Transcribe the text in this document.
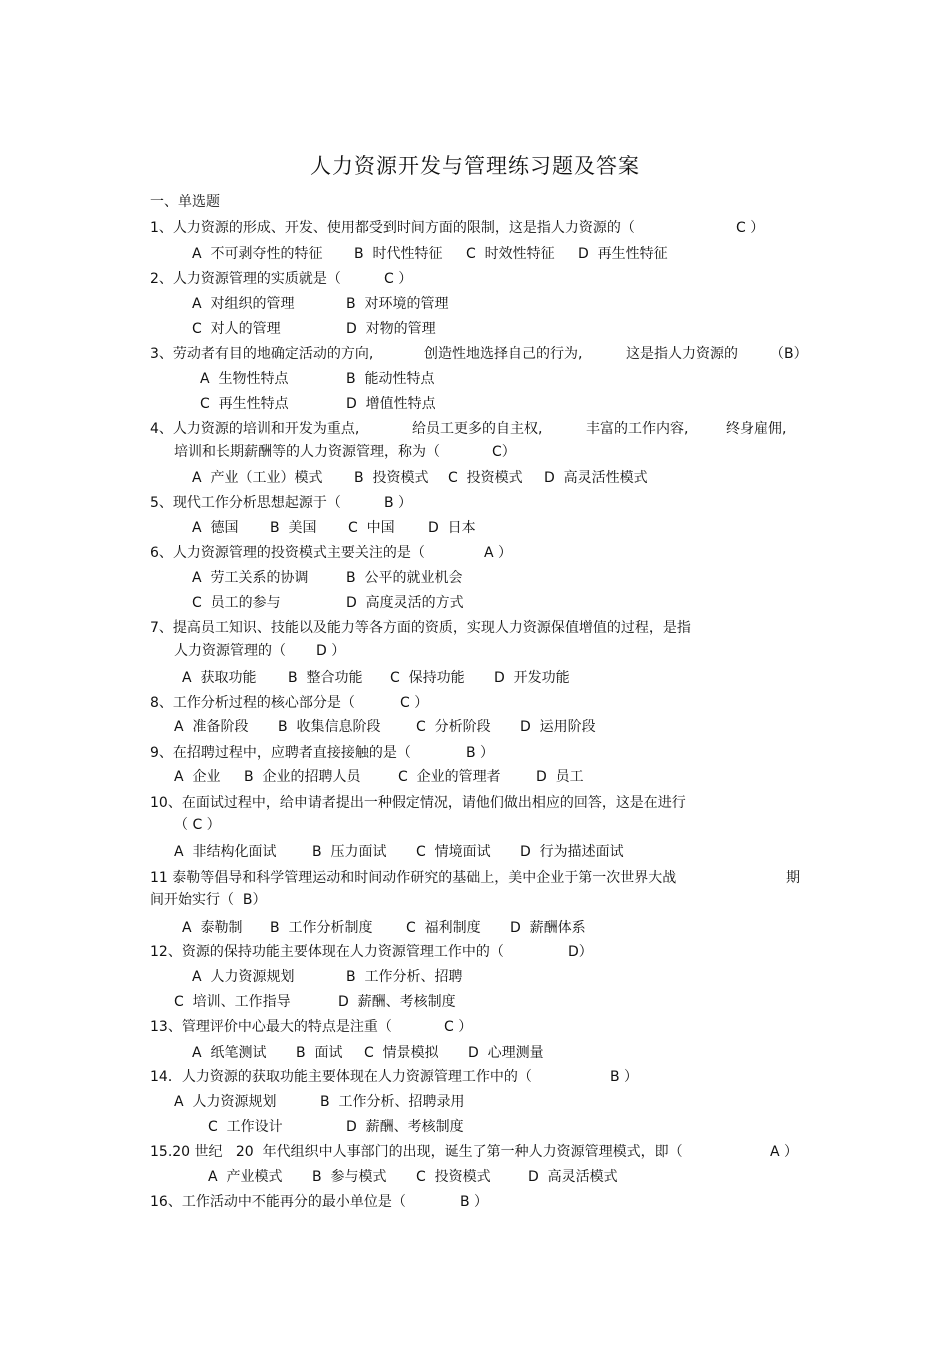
人力资源开发与管理练习题及答案
一、单选题
1、人力资源的形成、开发、使用都受到时间方面的限制，这是指人力资源的（	C ）
A  不可剥夺性的特征 B  时代性特征 C  时效性特征 D  再生性特征
2、人力资源管理的实质就是（	C ）
A  对组织的管理	B  对环境的管理
C  对人的管理	D  对物的管理
3、劳动者有目的地确定活动的方向,	创造性地选择自己的行为,	这是指人力资源的 （B）
A  生物性特点	B  能动性特点
C  再生性特点	D  增值性特点
4、人力资源的培训和开发为重点,	给员工更多的自主权,	丰富的工作内容,	终身雇佣,
培训和长期薪酬等的人力资源管理，称为（	C）
A  产业（工业）模式 B  投资模式 C  投资模式 D  高灵活性模式
5、现代工作分析思想起源于（	B ）
A  德国 B  美国 C  中国 D  日本
6、人力资源管理的投资模式主要关注的是（	A ）
A  劳工关系的协调	B  公平的就业机会
C  员工的参与	D  高度灵活的方式
7、提高员工知识、技能以及能力等各方面的资质，实现人力资源保值增值的过程，是指
人力资源管理的（ D ）
A  获取功能 B  整合功能 C  保持功能 D  开发功能
8、工作分析过程的核心部分是（	C ）
A  准备阶段 B  收集信息阶段	C  分析阶段 D  运用阶段
9、在招聘过程中，应聘者直接接触的是（	B ）
A  企业 B  企业的招聘人员	C  企业的管理者	D  员工
10、在面试过程中，给申请者提出一种假定情况，请他们做出相应的回答，这是在进行
（ C ）
A  非结构化面试	B  压力面试 C  情境面试 D  行为描述面试
11 泰勒等倡导和科学管理运动和时间动作研究的基础上，美中企业于第一次世界大战	期
间开始实行（  B）
A  泰勒制 B  工作分析制度 C  福利制度 D  薪酬体系
12、资源的保持功能主要体现在人力资源管理工作中的（	D）
A  人力资源规划	B  工作分析、招聘
C  培训、工作指导	D  薪酬、考核制度
13、管理评价中心最大的特点是注重（	C ）
A  纸笔测试 B  面试 C  情景模拟 D  心理测量
14．人力资源的获取功能主要体现在人力资源管理工作中的（	B ）
A  人力资源规划	B  工作分析、招聘录用
C  工作设计	D  薪酬、考核制度
15.20 世纪   20  年代组织中人事部门的出现，诞生了第一种人力资源管理模式，即（	A ）
A  产业模式 B  参与模式 C  投资模式	D  高灵活模式
16、工作活动中不能再分的最小单位是（	B ）
